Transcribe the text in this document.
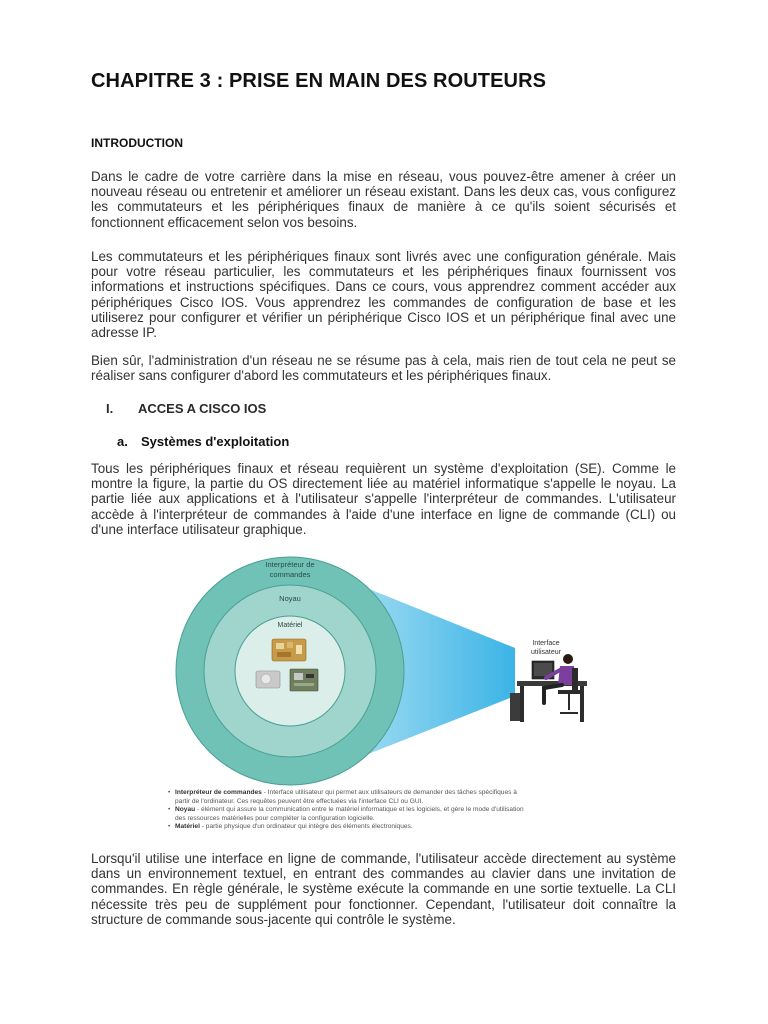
CHAPITRE 3 : PRISE EN MAIN DES ROUTEURS
INTRODUCTION

Dans le cadre de votre carrière dans la mise en réseau, vous pouvez-être amener à créer un nouveau réseau ou entretenir et améliorer un réseau existant. Dans les deux cas, vous configurez les commutateurs et les périphériques finaux de manière à ce qu'ils soient sécurisés et fonctionnent efficacement selon vos besoins.

Les commutateurs et les périphériques finaux sont livrés avec une configuration générale. Mais pour votre réseau particulier, les commutateurs et les périphériques finaux fournissent vos informations et instructions spécifiques. Dans ce cours, vous apprendrez comment accéder aux périphériques Cisco IOS. Vous apprendrez les commandes de configuration de base et les utiliserez pour configurer et vérifier un périphérique Cisco IOS et un périphérique final avec une adresse IP.

Bien sûr, l'administration d'un réseau ne se résume pas à cela, mais rien de tout cela ne peut se réaliser sans configurer d'abord les commutateurs et les périphériques finaux.

I. ACCES A CISCO IOS
a. Systèmes d'exploitation

Tous les périphériques finaux et réseau requièrent un système d'exploitation (SE). Comme le montre la figure, la partie du OS directement liée au matériel informatique s'appelle le noyau. La partie liée aux applications et à l'utilisateur s'appelle l'interpréteur de commandes. L'utilisateur accède à l'interpréteur de commandes à l'aide d'une interface en ligne de commande (CLI) ou d'une interface utilisateur graphique.

Interpréteur de
commandes
Noyau
Matériel
Interface
utilisateur
• Interpréteur de commandes - Interface utilisateur qui permet aux utilisateurs de demander des tâches spécifiques à
partir de l'ordinateur. Ces requêtes peuvent être effectuées via l'interface CLI ou GUI.
• Noyau - élément qui assure la communication entre le matériel informatique et les logiciels, et gère le mode d'utilisation
des ressources matérielles pour compléter la configuration logicielle.
• Matériel - partie physique d'un ordinateur qui intègre des éléments électroniques.

Lorsqu'il utilise une interface en ligne de commande, l'utilisateur accède directement au système dans un environnement textuel, en entrant des commandes au clavier dans une invitation de commandes. En règle générale, le système exécute la commande en une sortie textuelle. La CLI nécessite très peu de supplément pour fonctionner. Cependant, l'utilisateur doit connaître la structure de commande sous-jacente qui contrôle le système.
